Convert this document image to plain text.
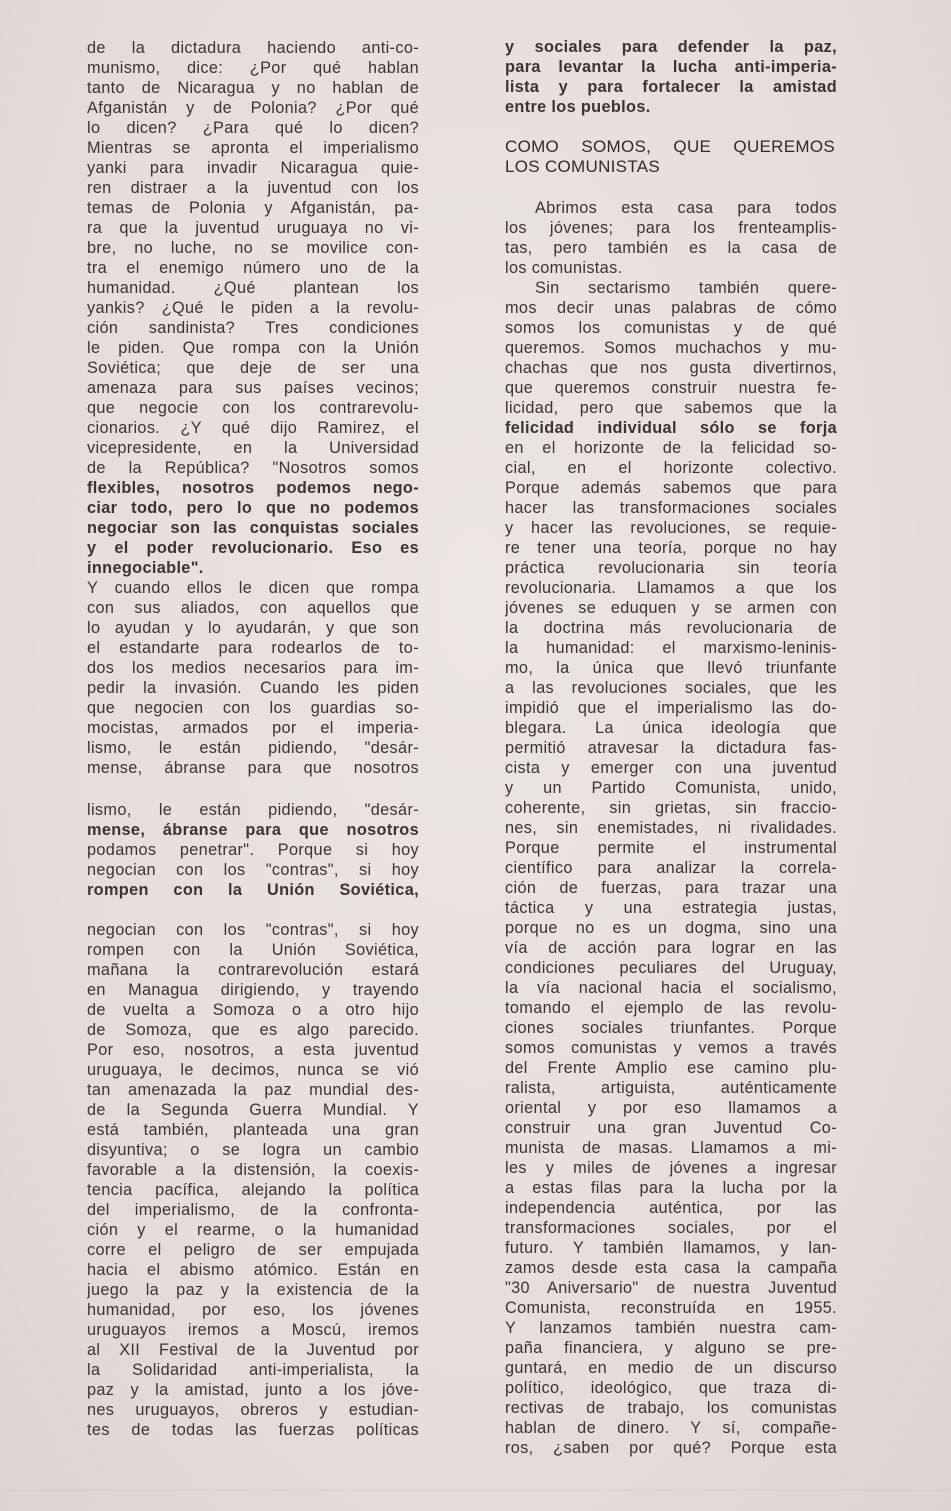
de la dictadura haciendo anti-co-
munismo, dice: ¿Por qué hablan
tanto de Nicaragua y no hablan de
Afganistán y de Polonia? ¿Por qué
lo dicen? ¿Para qué lo dicen?
Mientras se apronta el imperialismo
yanki para invadir Nicaragua quie-
ren distraer a la juventud con los
temas de Polonia y Afganistán, pa-
ra que la juventud uruguaya no vi-
bre, no luche, no se movilice con-
tra el enemigo número uno de la
humanidad. ¿Qué plantean los
yankis? ¿Qué le piden a la revolu-
ción sandinista? Tres condiciones
le piden. Que rompa con la Unión
Soviética; que deje de ser una
amenaza para sus países vecinos;
que negocie con los contrarevolu-
cionarios. ¿Y qué dijo Ramirez, el
vicepresidente, en la Universidad
de la República? "Nosotros somos
flexibles, nosotros podemos nego-
ciar todo, pero lo que no podemos
negociar son las conquistas sociales
y el poder revolucionario. Eso es
innegociable".
Y cuando ellos le dicen que rompa
con sus aliados, con aquellos que
lo ayudan y lo ayudarán, y que son
el estandarte para rodearlos de to-
dos los medios necesarios para im-
pedir la invasión. Cuando les piden
que negocien con los guardias so-
mocistas, armados por el imperia-
lismo, le están pidiendo, "desár-
mense, ábranse para que nosotros
lismo, le están pidiendo, "desár-
mense, ábranse para que nosotros
podamos penetrar". Porque si hoy
negocian con los "contras", si hoy
rompen con la Unión Soviética,
negocian con los "contras", si hoy
rompen con la Unión Soviética,
mañana la contrarevolución estará
en Managua dirigiendo, y trayendo
de vuelta a Somoza o a otro hijo
de Somoza, que es algo parecido.
Por eso, nosotros, a esta juventud
uruguaya, le decimos, nunca se vió
tan amenazada la paz mundial des-
de la Segunda Guerra Mundial. Y
está también, planteada una gran
disyuntiva; o se logra un cambio
favorable a la distensión, la coexis-
tencia pacífica, alejando la política
del imperialismo, de la confronta-
ción y el rearme, o la humanidad
corre el peligro de ser empujada
hacia el abismo atómico. Están en
juego la paz y la existencia de la
humanidad, por eso, los jóvenes
uruguayos iremos a Moscú, iremos
al XII Festival de la Juventud por
la Solidaridad anti-imperialista, la
paz y la amistad, junto a los jóve-
nes uruguayos, obreros y estudian-
tes de todas las fuerzas políticas
y sociales para defender la paz,
para levantar la lucha anti-imperia-
lista y para fortalecer la amistad
entre los pueblos.
COMO SOMOS, QUE QUEREMOS
LOS COMUNISTAS
Abrimos esta casa para todos
los jóvenes; para los frenteamplis-
tas, pero también es la casa de
los comunistas.
Sin sectarismo también quere-
mos decir unas palabras de cómo
somos los comunistas y de qué
queremos. Somos muchachos y mu-
chachas que nos gusta divertirnos,
que queremos construir nuestra fe-
licidad, pero que sabemos que la
felicidad individual sólo se forja
en el horizonte de la felicidad so-
cial, en el horizonte colectivo.
Porque además sabemos que para
hacer las transformaciones sociales
y hacer las revoluciones, se requie-
re tener una teoría, porque no hay
práctica revolucionaria sin teoría
revolucionaria. Llamamos a que los
jóvenes se eduquen y se armen con
la doctrina más revolucionaria de
la humanidad: el marxismo-leninis-
mo, la única que llevó triunfante
a las revoluciones sociales, que les
impidió que el imperialismo las do-
blegara. La única ideología que
permitió atravesar la dictadura fas-
cista y emerger con una juventud
y un Partido Comunista, unido,
coherente, sin grietas, sin fraccio-
nes, sin enemistades, ni rivalidades.
Porque permite el instrumental
científico para analizar la correla-
ción de fuerzas, para trazar una
táctica y una estrategia justas,
porque no es un dogma, sino una
vía de acción para lograr en las
condiciones peculiares del Uruguay,
la vía nacional hacia el socialismo,
tomando el ejemplo de las revolu-
ciones sociales triunfantes. Porque
somos comunistas y vemos a través
del Frente Amplio ese camino plu-
ralista, artiguista, auténticamente
oriental y por eso llamamos a
construir una gran Juventud Co-
munista de masas. Llamamos a mi-
les y miles de jóvenes a ingresar
a estas filas para la lucha por la
independencia auténtica, por las
transformaciones sociales, por el
futuro. Y también llamamos, y lan-
zamos desde esta casa la campaña
"30 Aniversario" de nuestra Juventud
Comunista, reconstruída en 1955.
Y lanzamos también nuestra cam-
paña financiera, y alguno se pre-
guntará, en medio de un discurso
político, ideológico, que traza di-
rectivas de trabajo, los comunistas
hablan de dinero. Y sí, compañe-
ros, ¿saben por qué? Porque esta
